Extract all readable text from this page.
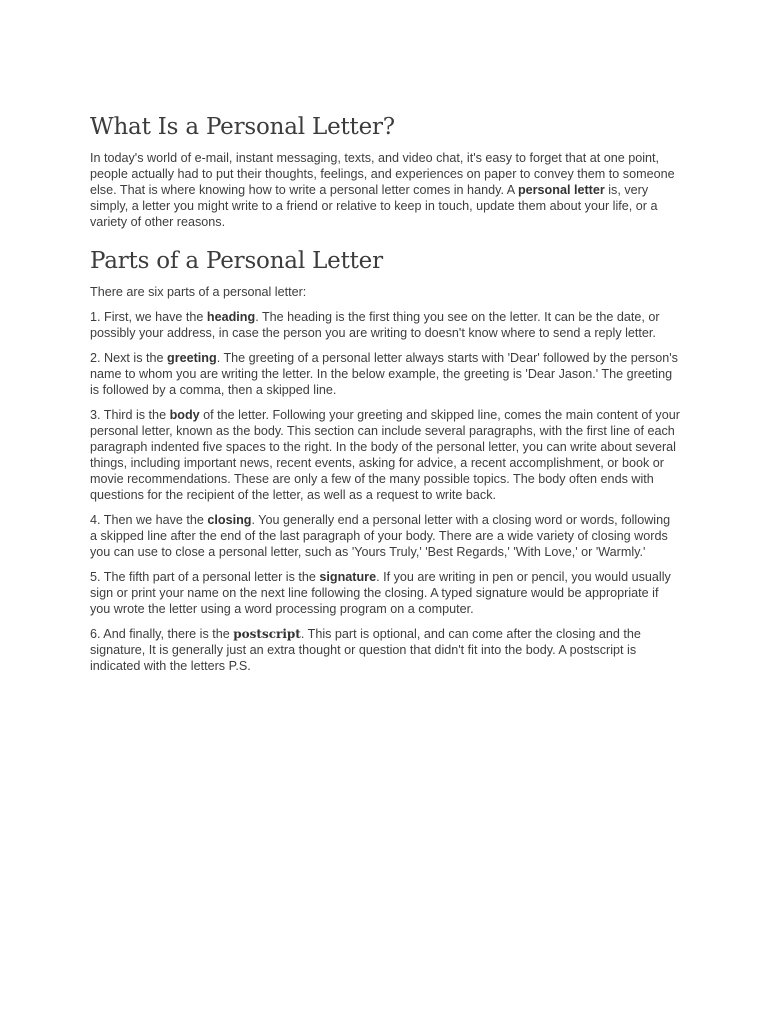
What Is a Personal Letter?

In today's world of e-mail, instant messaging, texts, and video chat, it's easy to forget that at one point, people actually had to put their thoughts, feelings, and experiences on paper to convey them to someone else. That is where knowing how to write a personal letter comes in handy. A personal letter is, very simply, a letter you might write to a friend or relative to keep in touch, update them about your life, or a variety of other reasons.

Parts of a Personal Letter

There are six parts of a personal letter:

1. First, we have the heading. The heading is the first thing you see on the letter. It can be the date, or possibly your address, in case the person you are writing to doesn't know where to send a reply letter.

2. Next is the greeting. The greeting of a personal letter always starts with 'Dear' followed by the person's name to whom you are writing the letter. In the below example, the greeting is 'Dear Jason.' The greeting is followed by a comma, then a skipped line.

3. Third is the body of the letter. Following your greeting and skipped line, comes the main content of your personal letter, known as the body. This section can include several paragraphs, with the first line of each paragraph indented five spaces to the right. In the body of the personal letter, you can write about several things, including important news, recent events, asking for advice, a recent accomplishment, or book or movie recommendations. These are only a few of the many possible topics. The body often ends with questions for the recipient of the letter, as well as a request to write back.

4. Then we have the closing. You generally end a personal letter with a closing word or words, following a skipped line after the end of the last paragraph of your body. There are a wide variety of closing words you can use to close a personal letter, such as 'Yours Truly,' 'Best Regards,' 'With Love,' or 'Warmly.'

5. The fifth part of a personal letter is the signature. If you are writing in pen or pencil, you would usually sign or print your name on the next line following the closing. A typed signature would be appropriate if you wrote the letter using a word processing program on a computer.

6. And finally, there is the postscript. This part is optional, and can come after the closing and the signature, It is generally just an extra thought or question that didn't fit into the body. A postscript is indicated with the letters P.S.
